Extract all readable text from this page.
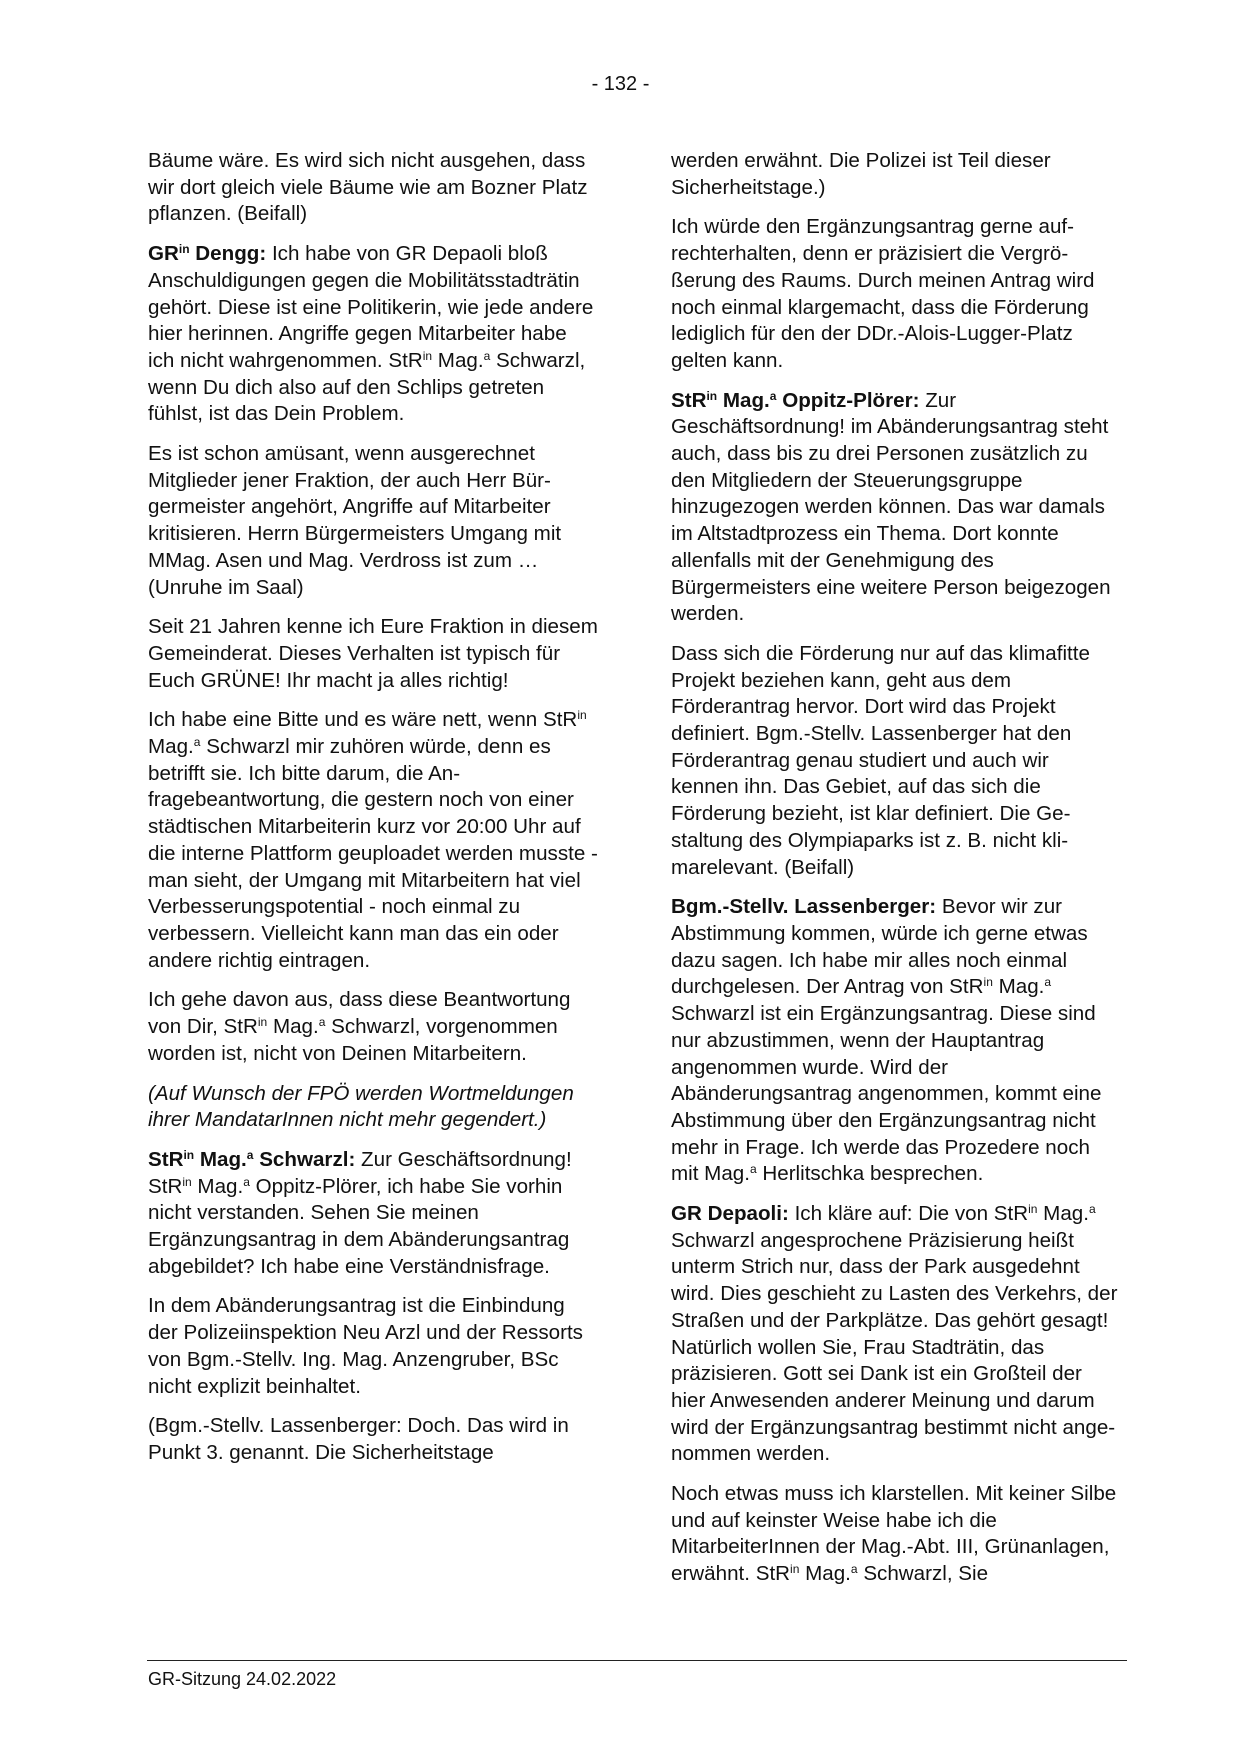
- 132 -

Bäume wäre. Es wird sich nicht ausgehen, dass wir dort gleich viele Bäume wie am Bozner Platz pflanzen. (Beifall)

$GR^{in}$ Dengg: Ich habe von GR Depaoli bloß Anschuldigungen gegen die Mobilitätsstadträtin gehört. Diese ist eine Politikerin, wie jede andere hier herinnen. Angriffe gegen Mitarbeiter habe ich nicht wahrgenommen. StR$^{in}$ Mag.$^a$ Schwarzl, wenn Du dich also auf den Schlips getreten fühlst, ist das Dein Problem.

Es ist schon amüsant, wenn ausgerechnet Mitglieder jener Fraktion, der auch Herr Bürgermeister angehört, Angriffe auf Mitarbeiter kritisieren. Herrn Bürgermeisters Umgang mit MMag. Asen und Mag. Verdross ist zum … (Unruhe im Saal)

Seit 21 Jahren kenne ich Eure Fraktion in diesem Gemeinderat. Dieses Verhalten ist typisch für Euch GRÜNE! Ihr macht ja alles richtig!

Ich habe eine Bitte und es wäre nett, wenn StR$^{in}$ Mag.$^a$ Schwarzl mir zuhören würde, denn es betrifft sie. Ich bitte darum, die Anfragebeantwortung, die gestern noch von einer städtischen Mitarbeiterin kurz vor 20:00 Uhr auf die interne Plattform geuploadet werden musste - man sieht, der Umgang mit Mitarbeitern hat viel Verbesserungspotential - noch einmal zu verbessern. Vielleicht kann man das ein oder andere richtig eintragen.

Ich gehe davon aus, dass diese Beantwortung von Dir, StR$^{in}$ Mag.$^a$ Schwarzl, vorgenommen worden ist, nicht von Deinen Mitarbeitern.

(Auf Wunsch der FPÖ werden Wortmeldungen ihrer MandatarInnen nicht mehr gegendert.)

StR$^{in}$ Mag.$^a$ Schwarzl: Zur Geschäftsordnung! StR$^{in}$ Mag.$^a$ Oppitz-Plörer, ich habe Sie vorhin nicht verstanden. Sehen Sie meinen Ergänzungsantrag in dem Abänderungsantrag abgebildet? Ich habe eine Verständnisfrage.

In dem Abänderungsantrag ist die Einbindung der Polizeiinspektion Neu Arzl und der Ressorts von Bgm.-Stellv. Ing. Mag. Anzengruber, BSc nicht explizit beinhaltet.

(Bgm.-Stellv. Lassenberger: Doch. Das wird in Punkt 3. genannt. Die Sicherheitstage

werden erwähnt. Die Polizei ist Teil dieser Sicherheitstage.)

Ich würde den Ergänzungsantrag gerne aufrechterhalten, denn er präzisiert die Vergrößerung des Raums. Durch meinen Antrag wird noch einmal klargemacht, dass die Förderung lediglich für den der DDr.-Alois-Lugger-Platz gelten kann.

StR$^{in}$ Mag.$^a$ Oppitz-Plörer: Zur Geschäftsordnung! im Abänderungsantrag steht auch, dass bis zu drei Personen zusätzlich zu den Mitgliedern der Steuerungsgruppe hinzugezogen werden können. Das war damals im Altstadtprozess ein Thema. Dort konnte allenfalls mit der Genehmigung des Bürgermeisters eine weitere Person beigezogen werden.

Dass sich die Förderung nur auf das klimafitte Projekt beziehen kann, geht aus dem Förderantrag hervor. Dort wird das Projekt definiert. Bgm.-Stellv. Lassenberger hat den Förderantrag genau studiert und auch wir kennen ihn. Das Gebiet, auf das sich die Förderung bezieht, ist klar definiert. Die Gestaltung des Olympiaparks ist z. B. nicht klimarelevant. (Beifall)

Bgm.-Stellv. Lassenberger: Bevor wir zur Abstimmung kommen, würde ich gerne etwas dazu sagen. Ich habe mir alles noch einmal durchgelesen. Der Antrag von StR$^{in}$ Mag.$^a$ Schwarzl ist ein Ergänzungsantrag. Diese sind nur abzustimmen, wenn der Hauptantrag angenommen wurde. Wird der Abänderungsantrag angenommen, kommt eine Abstimmung über den Ergänzungsantrag nicht mehr in Frage. Ich werde das Prozedere noch mit Mag.$^a$ Herlitschka besprechen.

GR Depaoli: Ich kläre auf: Die von StR$^{in}$ Mag.$^a$ Schwarzl angesprochene Präzisierung heißt unterm Strich nur, dass der Park ausgedehnt wird. Dies geschieht zu Lasten des Verkehrs, der Straßen und der Parkplätze. Das gehört gesagt! Natürlich wollen Sie, Frau Stadträtin, das präzisieren. Gott sei Dank ist ein Großteil der hier Anwesenden anderer Meinung und darum wird der Ergänzungsantrag bestimmt nicht angenommen werden.

Noch etwas muss ich klarstellen. Mit keiner Silbe und auf keinster Weise habe ich die MitarbeiterInnen der Mag.-Abt. III, Grünanlagen, erwähnt. StR$^{in}$ Mag.$^a$ Schwarzl, Sie

GR-Sitzung 24.02.2022
